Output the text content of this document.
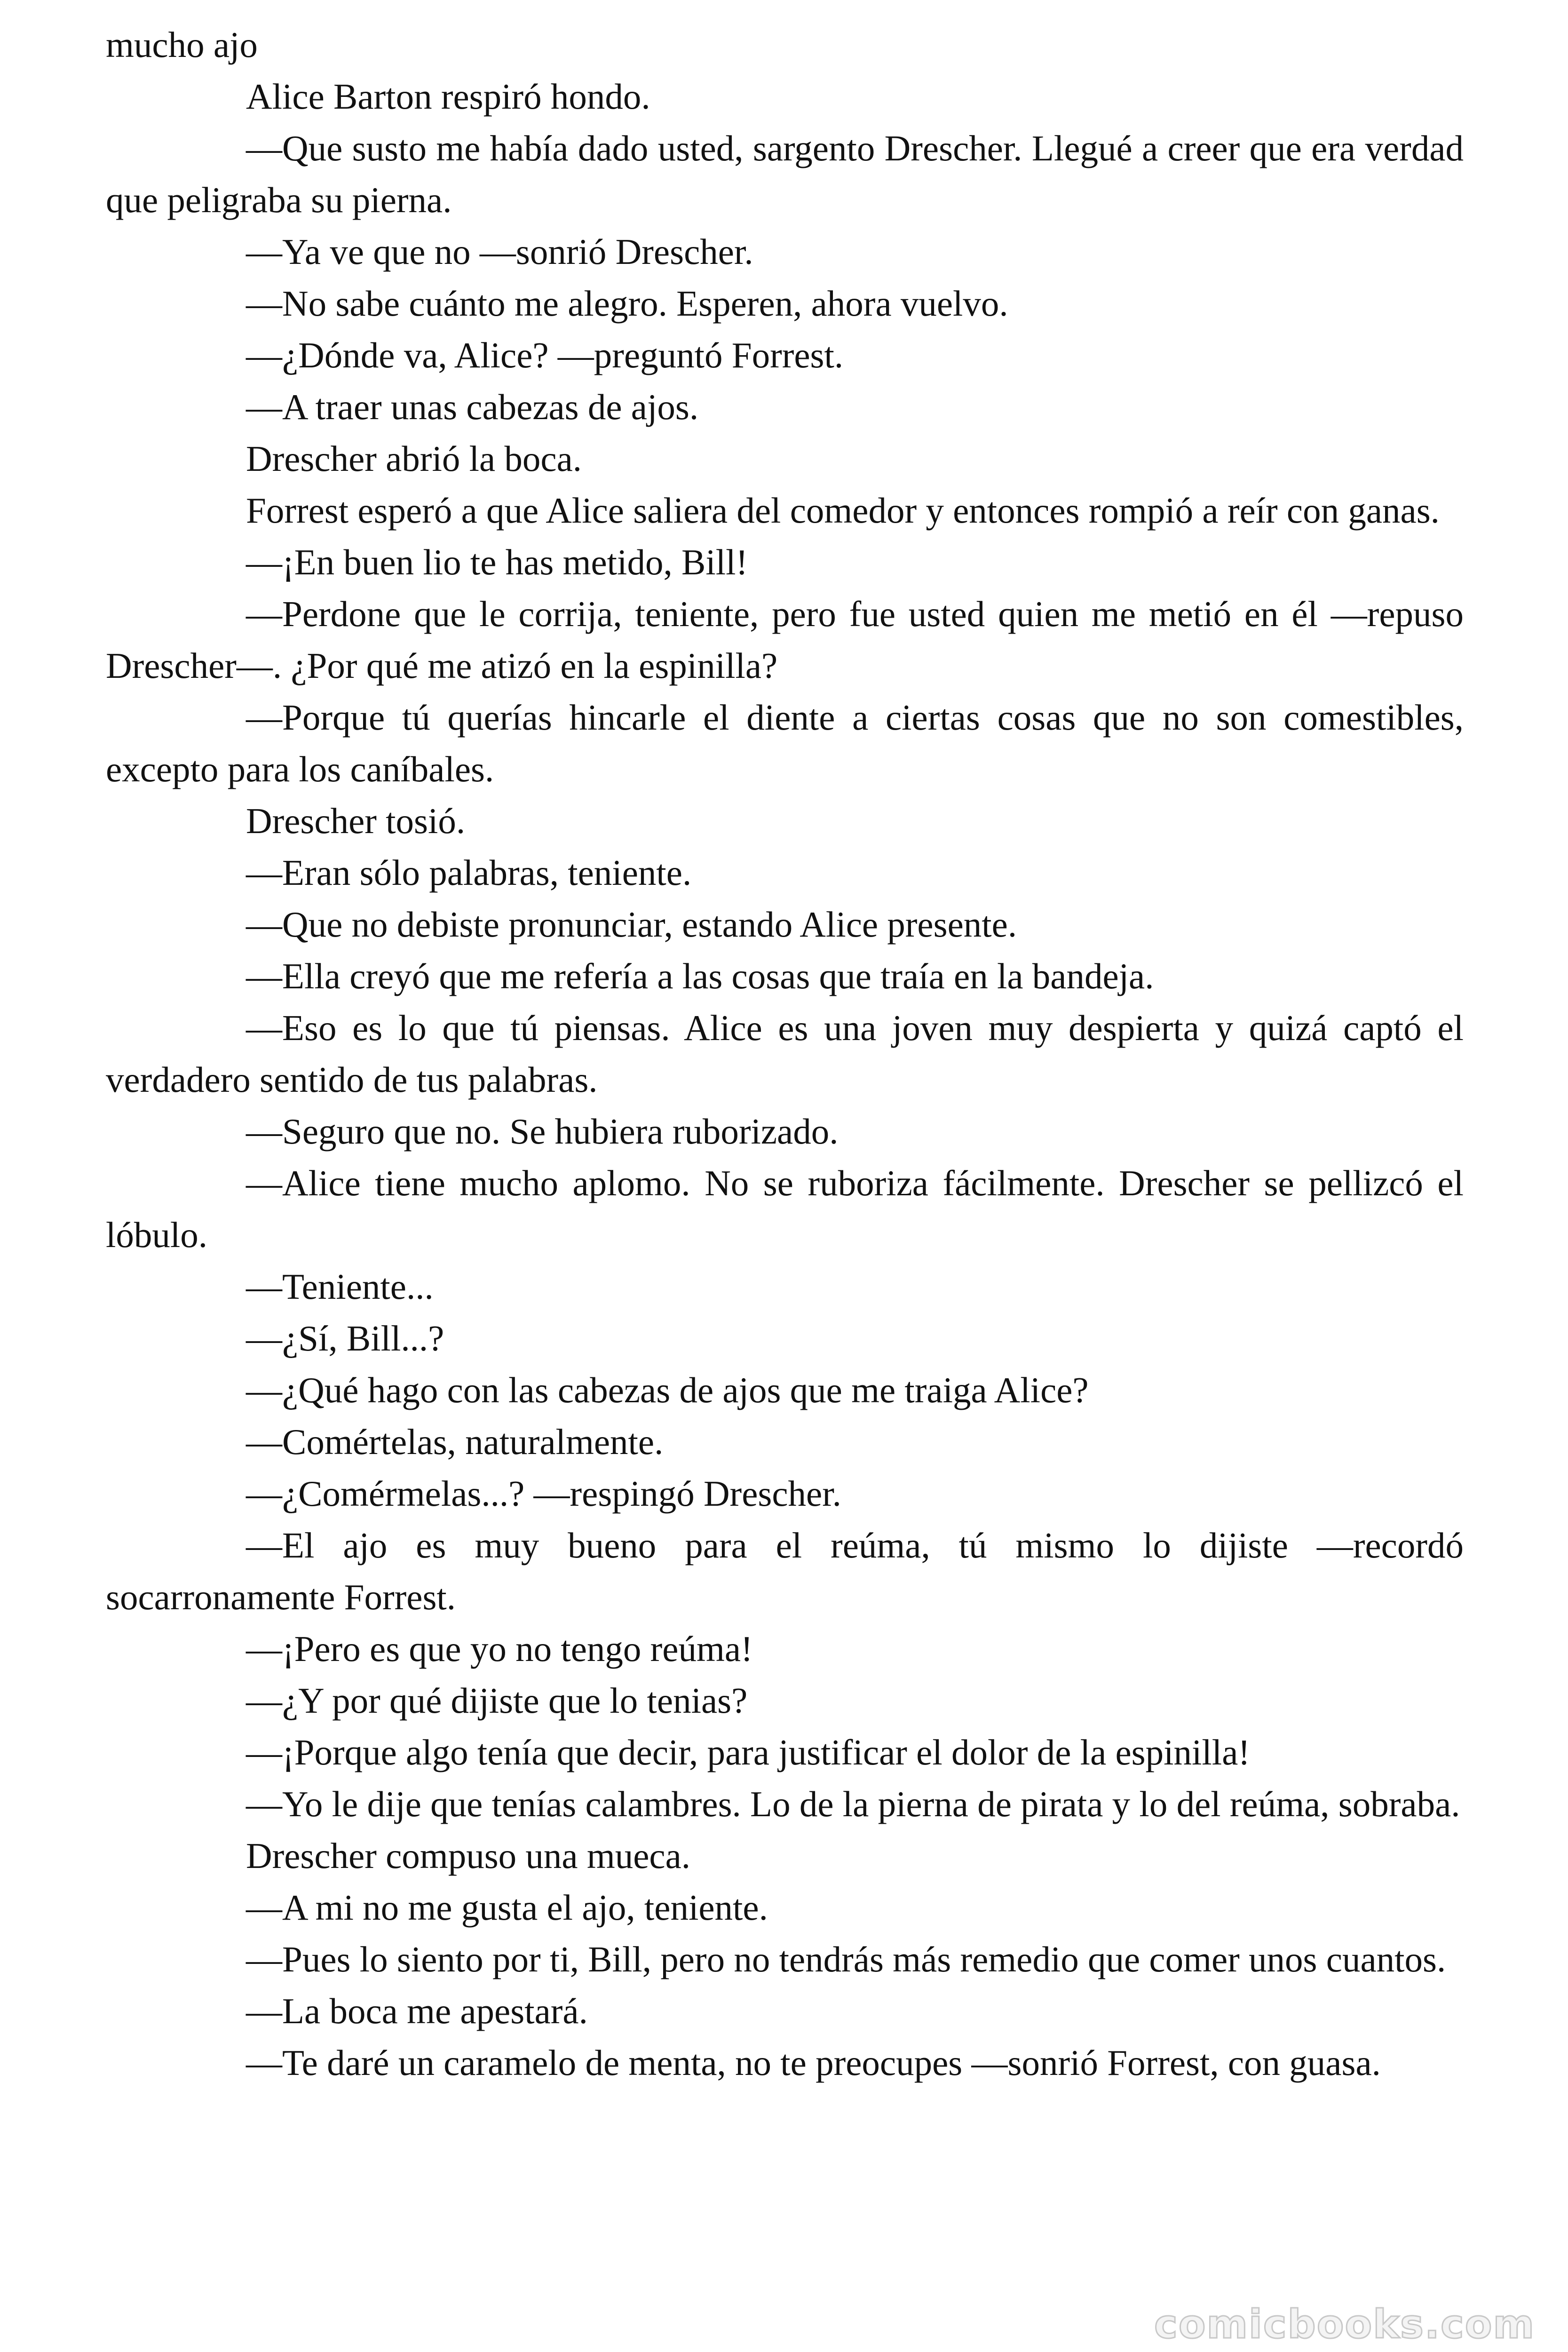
mucho ajo

Alice Barton respiró hondo.

—Que susto me había dado usted, sargento Drescher. Llegué a creer que era verdad que peligraba su pierna.

—Ya ve que no —sonrió Drescher.

—No sabe cuánto me alegro. Esperen, ahora vuelvo.

—¿Dónde va, Alice? —preguntó Forrest.

—A traer unas cabezas de ajos.

Drescher abrió la boca.

Forrest esperó a que Alice saliera del comedor y entonces rompió a reír con ganas.

—¡En buen lio te has metido, Bill!

—Perdone que le corrija, teniente, pero fue usted quien me metió en él —repuso Drescher—. ¿Por qué me atizó en la espinilla?

—Porque tú querías hincarle el diente a ciertas cosas que no son comestibles, excepto para los caníbales.

Drescher tosió.

—Eran sólo palabras, teniente.

—Que no debiste pronunciar, estando Alice presente.

—Ella creyó que me refería a las cosas que traía en la bandeja.

—Eso es lo que tú piensas. Alice es una joven muy despierta y quizá captó el verdadero sentido de tus palabras.

—Seguro que no. Se hubiera ruborizado.

—Alice tiene mucho aplomo. No se ruboriza fácilmente. Drescher se pellizcó el lóbulo.

—Teniente...

—¿Sí, Bill...?

—¿Qué hago con las cabezas de ajos que me traiga Alice?

—Comértelas, naturalmente.

—¿Comérmelas...? —respingó Drescher.

—El ajo es muy bueno para el reúma, tú mismo lo dijiste —recordó socarronamente Forrest.

—¡Pero es que yo no tengo reúma!

—¿Y por qué dijiste que lo tenias?

—¡Porque algo tenía que decir, para justificar el dolor de la espinilla!

—Yo le dije que tenías calambres. Lo de la pierna de pirata y lo del reúma, sobraba.

Drescher compuso una mueca.

—A mi no me gusta el ajo, teniente.

—Pues lo siento por ti, Bill, pero no tendrás más remedio que comer unos cuantos.

—La boca me apestará.

—Te daré un caramelo de menta, no te preocupes —sonrió Forrest, con guasa.

comicbooks.com
